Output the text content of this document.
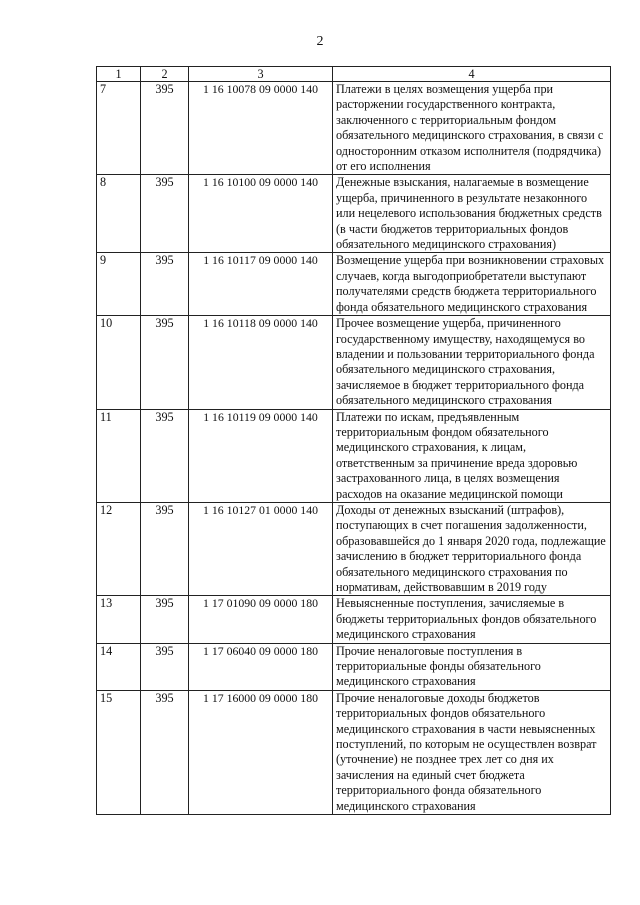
2
1	2	3	4
7	395	1 16 10078 09 0000 140	Платежи в целях возмещения ущерба при расторжении государственного контракта, заключенного с территориальным фондом обязательного медицинского страхования, в связи с односторонним отказом исполнителя (подрядчика) от его исполнения
8	395	1 16 10100 09 0000 140	Денежные взыскания, налагаемые в возмещение ущерба, причиненного в результате незаконного или нецелевого использования бюджетных средств (в части бюджетов территориальных фондов обязательного медицинского страхования)
9	395	1 16 10117 09 0000 140	Возмещение ущерба при возникновении страховых случаев, когда выгодоприобретатели выступают получателями средств бюджета территориального фонда обязательного медицинского страхования
10	395	1 16 10118 09 0000 140	Прочее возмещение ущерба, причиненного государственному имуществу, находящемуся во владении и пользовании территориального фонда обязательного медицинского страхования, зачисляемое в бюджет территориального фонда обязательного медицинского страхования
11	395	1 16 10119 09 0000 140	Платежи по искам, предъявленным территориальным фондом обязательного медицинского страхования, к лицам, ответственным за причинение вреда здоровью застрахованного лица, в целях возмещения расходов на оказание медицинской помощи
12	395	1 16 10127 01 0000 140	Доходы от денежных взысканий (штрафов), поступающих в счет погашения задолженности, образовавшейся до 1 января 2020 года, подлежащие зачислению в бюджет территориального фонда обязательного медицинского страхования по нормативам, действовавшим в 2019 году
13	395	1 17 01090 09 0000 180	Невыясненные поступления, зачисляемые в бюджеты территориальных фондов обязательного медицинского страхования
14	395	1 17 06040 09 0000 180	Прочие неналоговые поступления в территориальные фонды обязательного медицинского страхования
15	395	1 17 16000 09 0000 180	Прочие неналоговые доходы бюджетов территориальных фондов обязательного медицинского страхования в части невыясненных поступлений, по которым не осуществлен возврат (уточнение) не позднее трех лет со дня их зачисления на единый счет бюджета территориального фонда обязательного медицинского страхования
